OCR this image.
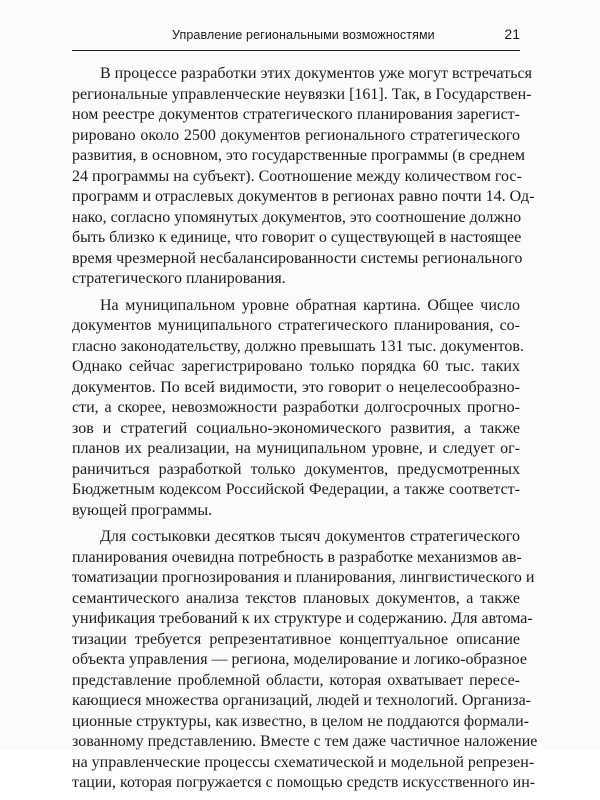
Управление региональными возможностями	21

В процессе разработки этих документов уже могут встречаться
региональные управленческие неувязки [161]. Так, в Государствен-
ном реестре документов стратегического планирования зарегист-
рировано около 2500 документов регионального стратегического
развития, в основном, это государственные программы (в среднем
24 программы на субъект). Соотношение между количеством гос-
программ и отраслевых документов в регионах равно почти 14. Од-
нако, согласно упомянутых документов, это соотношение должно
быть близко к единице, что говорит о существующей в настоящее
время чрезмерной несбалансированности системы регионального
стратегического планирования.

На муниципальном уровне обратная картина. Общее число
документов муниципального стратегического планирования, со-
гласно законодательству, должно превышать 131 тыс. документов.
Однако сейчас зарегистрировано только порядка 60 тыс. таких
документов. По всей видимости, это говорит о нецелесообразно-
сти, а скорее, невозможности разработки долгосрочных прогно-
зов и стратегий социально-экономического развития, а также
планов их реализации, на муниципальном уровне, и следует ог-
раничиться разработкой только документов, предусмотренных
Бюджетным кодексом Российской Федерации, а также соответст-
вующей программы.

Для состыковки десятков тысяч документов стратегического
планирования очевидна потребность в разработке механизмов ав-
томатизации прогнозирования и планирования, лингвистического и
семантического анализа текстов плановых документов, а также
унификация требований к их структуре и содержанию. Для автома-
тизации требуется репрезентативное концептуальное описание
объекта управления — региона, моделирование и логико-образное
представление проблемной области, которая охватывает пересе-
кающиеся множества организаций, людей и технологий. Организа-
ционные структуры, как известно, в целом не поддаются формали-
зованному представлению. Вместе с тем даже частичное наложение
на управленческие процессы схематической и модельной репрезен-
тации, которая погружается с помощью средств искусственного ин-
